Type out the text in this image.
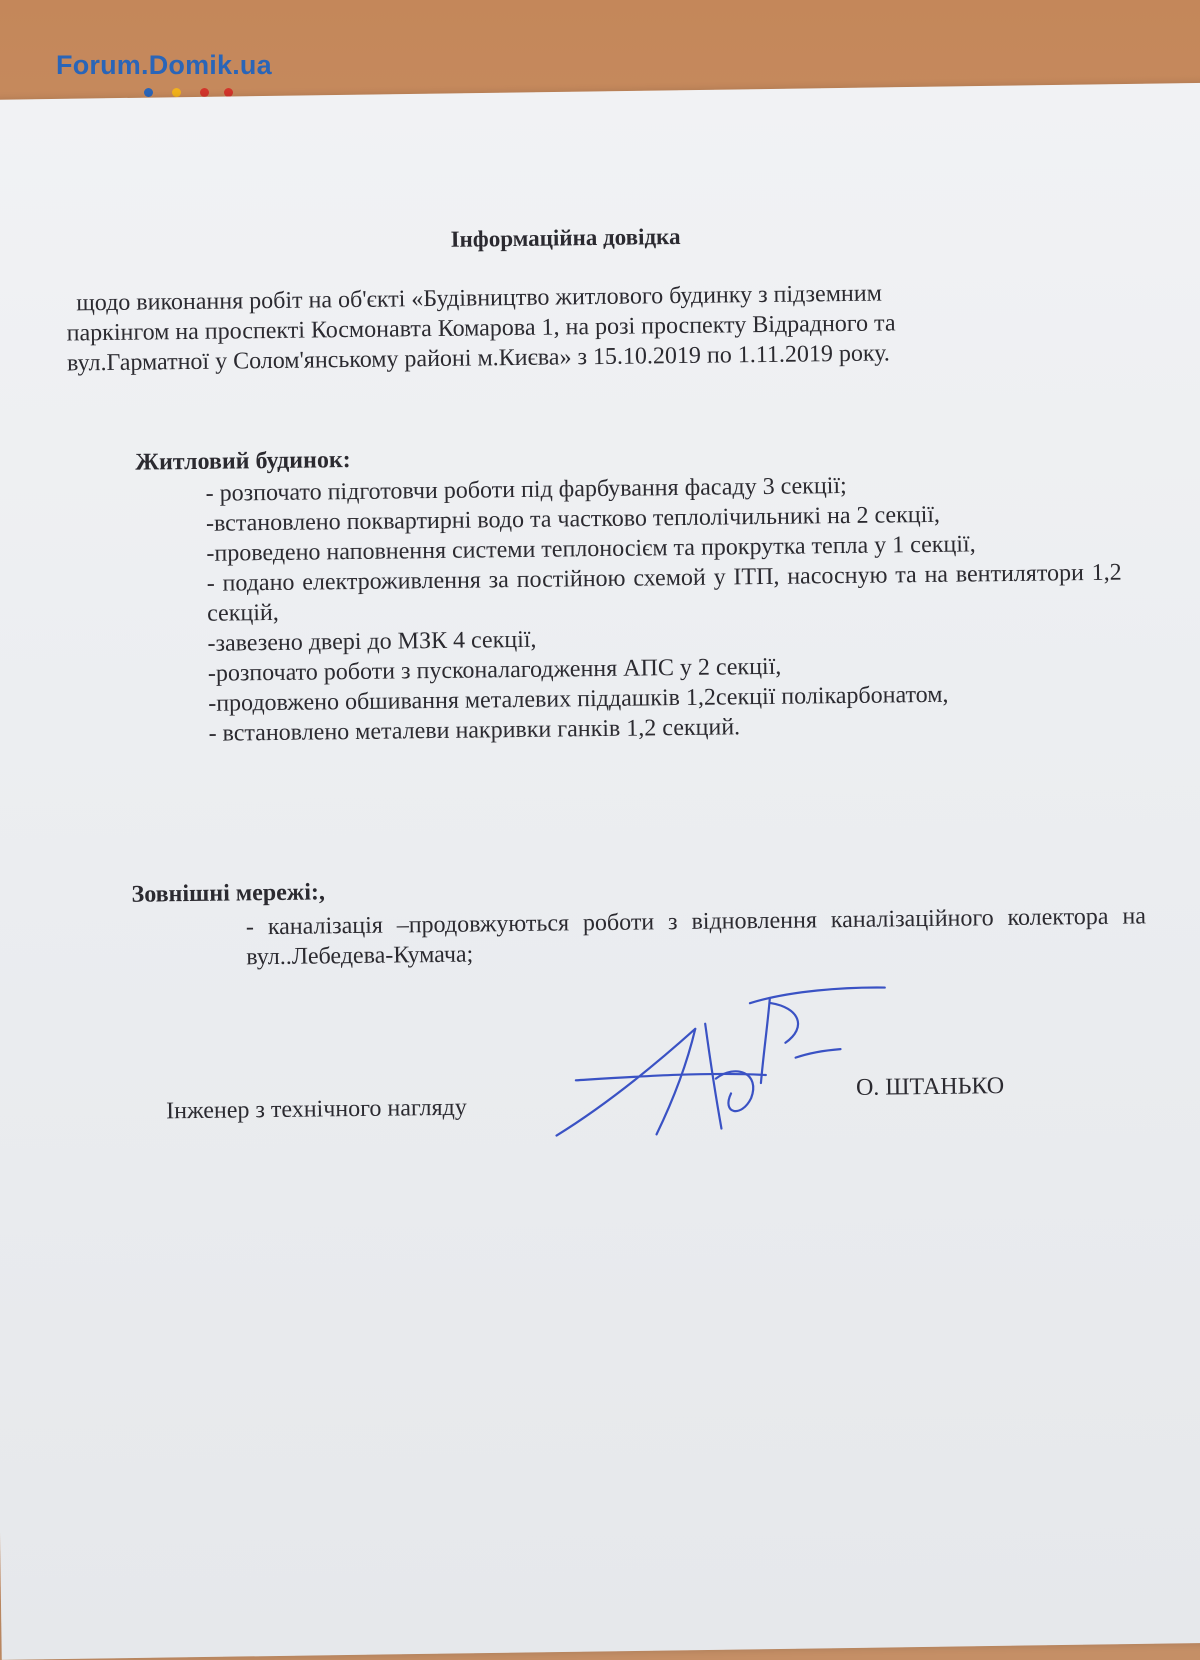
Forum.Domik.ua
Інформаційна довідка
щодо виконання робіт на об'єкті «Будівництво житлового будинку з підземним
паркінгом на проспекті Космонавта Комарова 1, на розі проспекту Відрадного та
вул.Гарматної у Солом'янському районі м.Києва» з 15.10.2019 по 1.11.2019 року.
Житловий будинок:
- розпочато підготовчи роботи під фарбування фасаду 3 секції;
-встановлено поквартирні водо та частково теплолічильникі на 2 секції,
-проведено наповнення системи теплоносієм та прокрутка тепла у 1 секції,
- подано електроживлення за постійною схемой у ІТП, насосную та на вентилятори 1,2 секцій,
-завезено двері до МЗК 4 секції,
-розпочато роботи з пусконалагодження АПС у 2 секції,
-продовжено обшивання металевих піддашків 1,2секції полікарбонатом,
- встановлено металеви накривки ганків 1,2 секций.
Зовнішні мережі:,
- каналізація –продовжуються роботи з відновлення каналізаційного колектора на вул..Лебедева-Кумача;
Інженер з технічного нагляду
О. ШТАНЬКО
